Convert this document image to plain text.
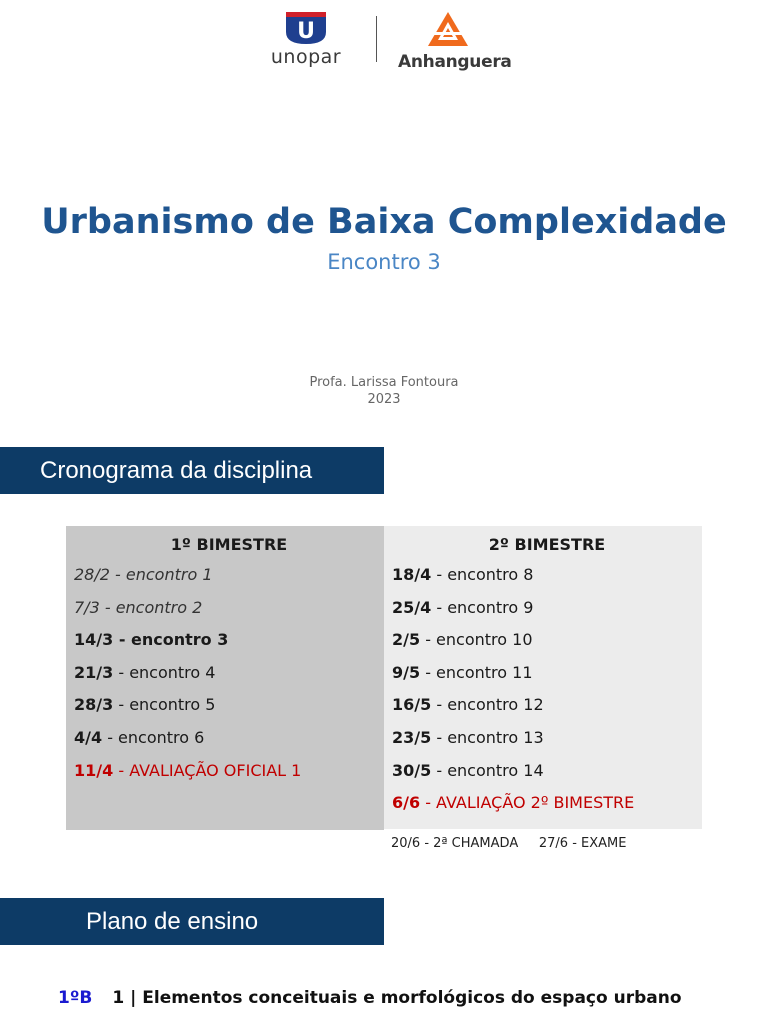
U
unopar	Anhanguera
Urbanismo de Baixa Complexidade
Encontro 3
Profa. Larissa Fontoura
2023
Cronograma da disciplina
1º BIMESTRE
28/2 - encontro 1
7/3 - encontro 2
14/3 - encontro 3
21/3 - encontro 4
28/3 - encontro 5
4/4 - encontro 6
11/4 - AVALIAÇÃO OFICIAL 1
2º BIMESTRE
18/4 - encontro 8
25/4 - encontro 9
2/5 - encontro 10
9/5 - encontro 11
16/5 - encontro 12
23/5 - encontro 13
30/5 - encontro 14
6/6 - AVALIAÇÃO 2º BIMESTRE
20/6 - 2ª CHAMADA     27/6 - EXAME
Plano de ensino
1ºB 1 | Elementos conceituais e morfológicos do espaço urbano
